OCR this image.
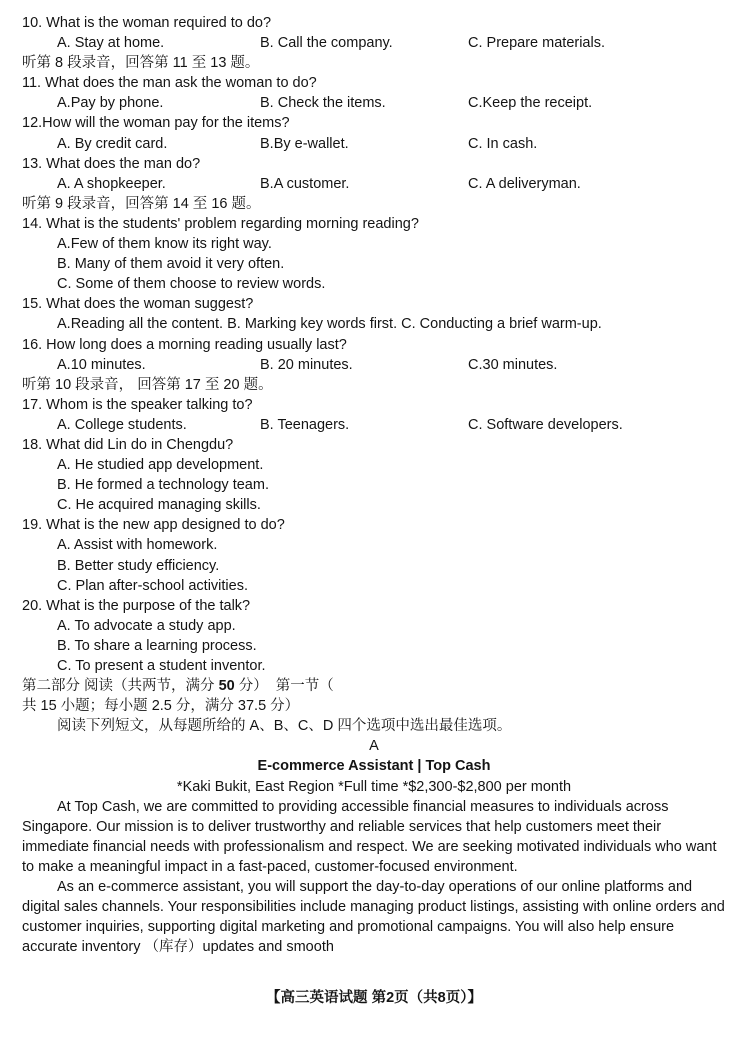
10. What is the woman required to do?
A. Stay at home.	B. Call the company.	C. Prepare materials.
听第 8 段录音，回答第 11 至 13 题。
11. What does the man ask the woman to do?
A.Pay by phone.	B. Check the items.	C.Keep the receipt.
12.How will the woman pay for the items?
A. By credit card.	B.By e-wallet.	C. In cash.
13. What does the man do?
A. A shopkeeper.	B.A customer.	C. A deliveryman.
听第 9 段录音，回答第 14 至 16 题。
14. What is the students' problem regarding morning reading?
A.Few of them know its right way.
B. Many of them avoid it very often.
C. Some of them choose to review words.
15. What does the woman suggest?
A.Reading all the content. B. Marking key words first. C. Conducting a brief warm-up.
16. How long does a morning reading usually last?
A.10 minutes.	B. 20 minutes.	C.30 minutes.
听第 10 段录音， 回答第 17 至 20 题。
17. Whom is the speaker talking to?
A. College students.	B. Teenagers.	C. Software developers.
18. What did Lin do in Chengdu?
A. He studied app development.
B. He formed a technology team.
C. He acquired managing skills.
19. What is the new app designed to do?
A. Assist with homework.
B. Better study efficiency.
C. Plan after-school activities.
20. What is the purpose of the talk?
A. To advocate a study app.
B. To share a learning process.
C. To present a student inventor.
第二部分 阅读（共两节，满分 50 分）  第一节（
共 15 小题；每小题 2.5 分，满分 37.5 分）
阅读下列短文，从每题所给的 A、B、C、D 四个选项中选出最佳选项。
A
E-commerce Assistant | Top Cash
*Kaki Bukit, East Region *Full time *$2,300-$2,800 per month
At Top Cash, we are committed to providing accessible financial measures to individuals across Singapore. Our mission is to deliver trustworthy and reliable services that help customers meet their immediate financial needs with professionalism and respect. We are seeking motivated individuals who want to make a meaningful impact in a fast-paced, customer-focused environment.
As an e-commerce assistant, you will support the day-to-day operations of our online platforms and digital sales channels. Your responsibilities include managing product listings, assisting with online orders and customer inquiries, supporting digital marketing and promotional campaigns. You will also help ensure accurate inventory （库存）updates and smooth
【高三英语试题 第2页（共8页）】
